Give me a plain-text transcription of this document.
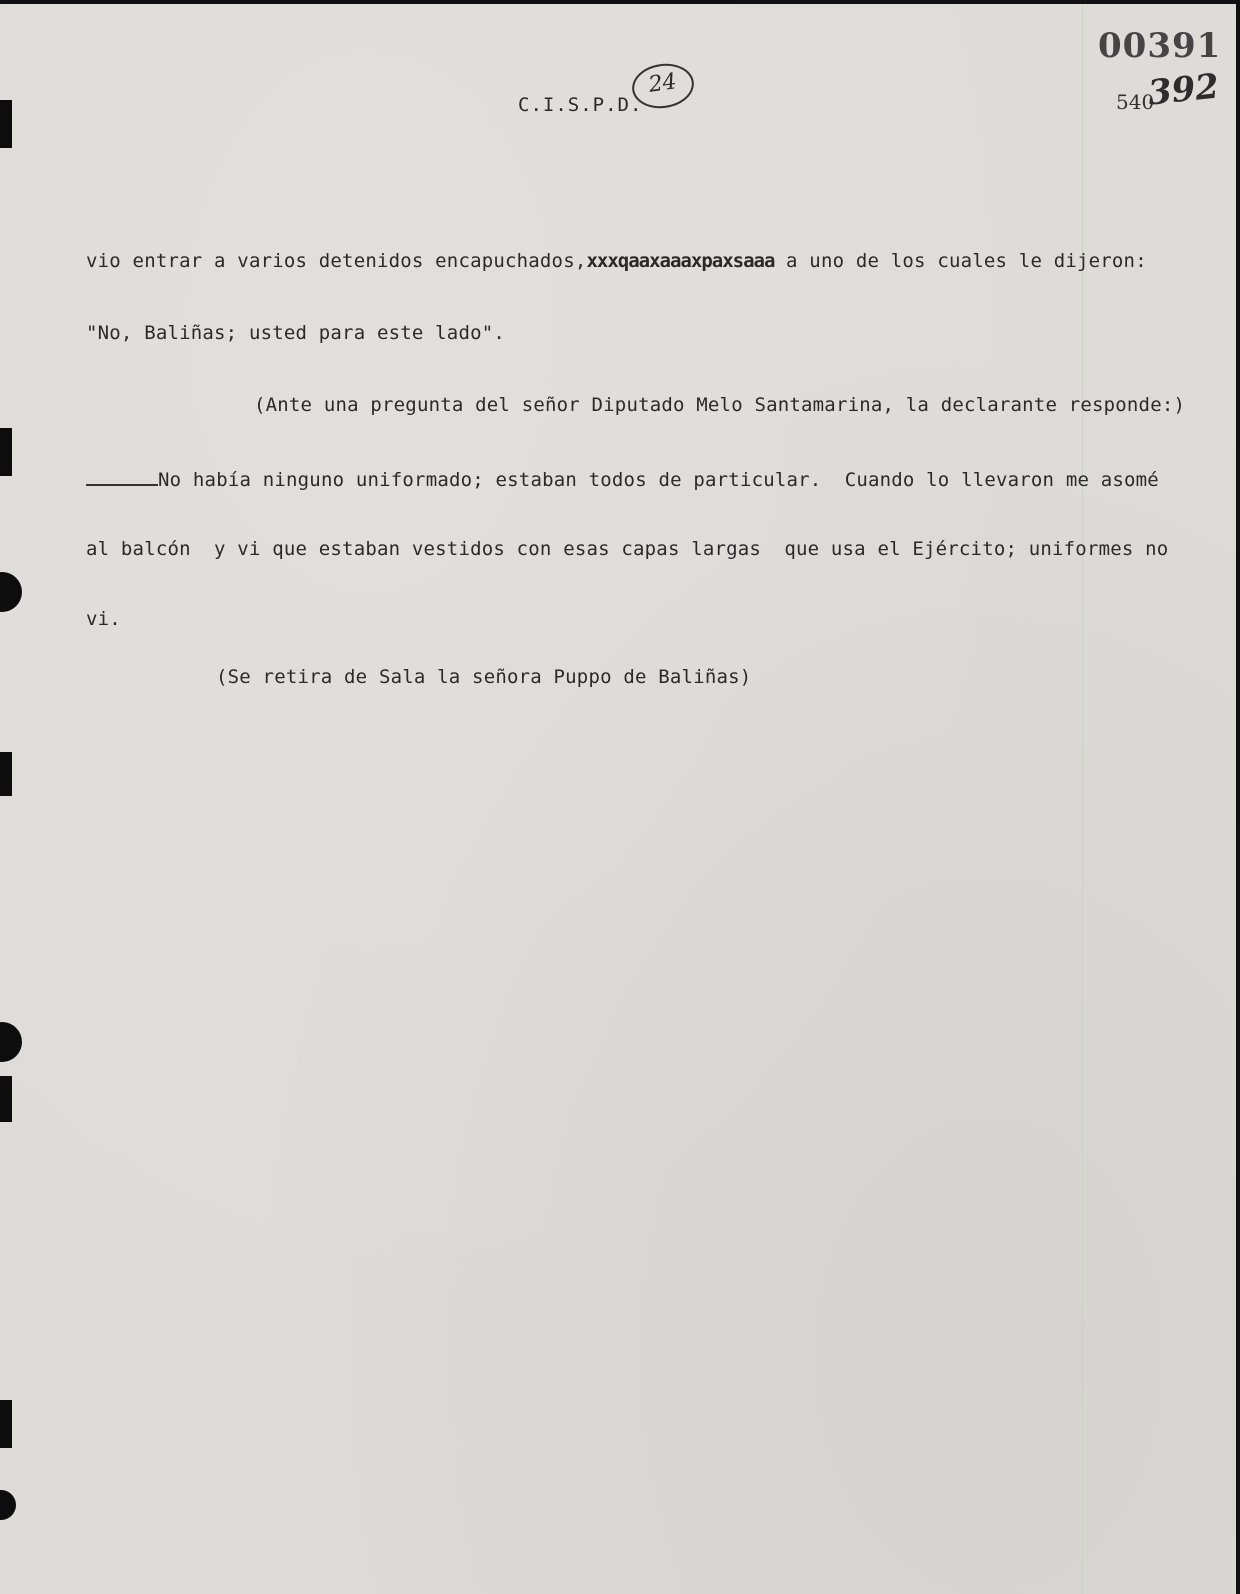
C.I.S.P.D.
24
00391
540
392

vio entrar a varios detenidos encapuchados,xxxqaaxaaaxpaxsaaa a uno de los cuales le dijeron:

"No, Baliñas; usted para este lado".

(Ante una pregunta del señor Diputado Melo Santamarina, la declarante responde:)

No había ninguno uniformado; estaban todos de particular.  Cuando lo llevaron me asomé

al balcón  y vi que estaban vestidos con esas capas largas  que usa el Ejército; uniformes no

vi.

(Se retira de Sala la señora Puppo de Baliñas)
